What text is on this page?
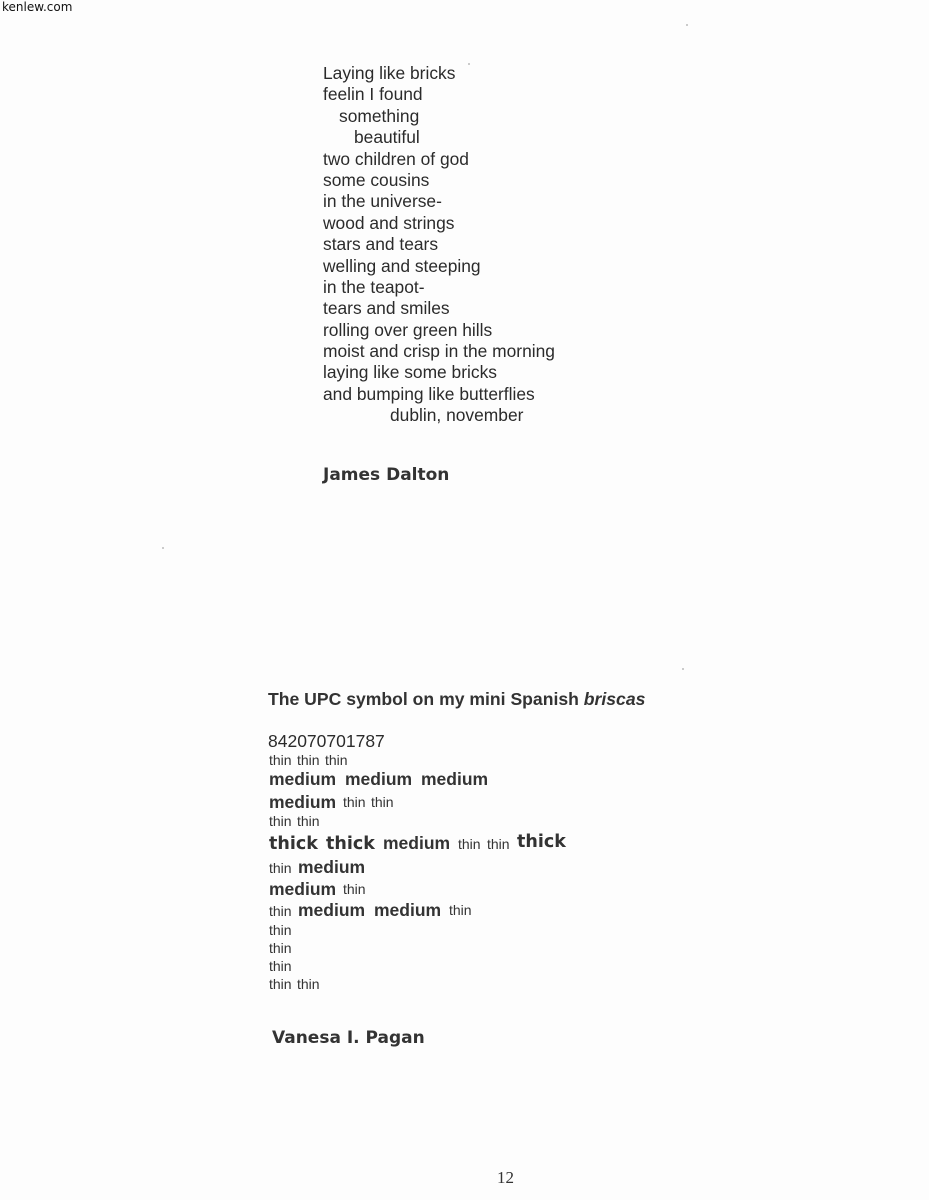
kenlew.com
Laying like bricks
feelin I found
something
beautiful
two children of god
some cousins
in the universe-
wood and strings
stars and tears
welling and steeping
in the teapot-
tears and smiles
rolling over green hills
moist and crisp in the morning
laying like some bricks
and bumping like butterflies
dublin, november
James Dalton
The UPC symbol on my mini Spanish briscas
842070701787
thin thin thin
medium medium medium
medium thin thin
thin thin
thick thick medium thin thin thick
thin medium
medium thin
thin medium medium thin
thin
thin
thin
thin thin
Vanesa I. Pagan
12
